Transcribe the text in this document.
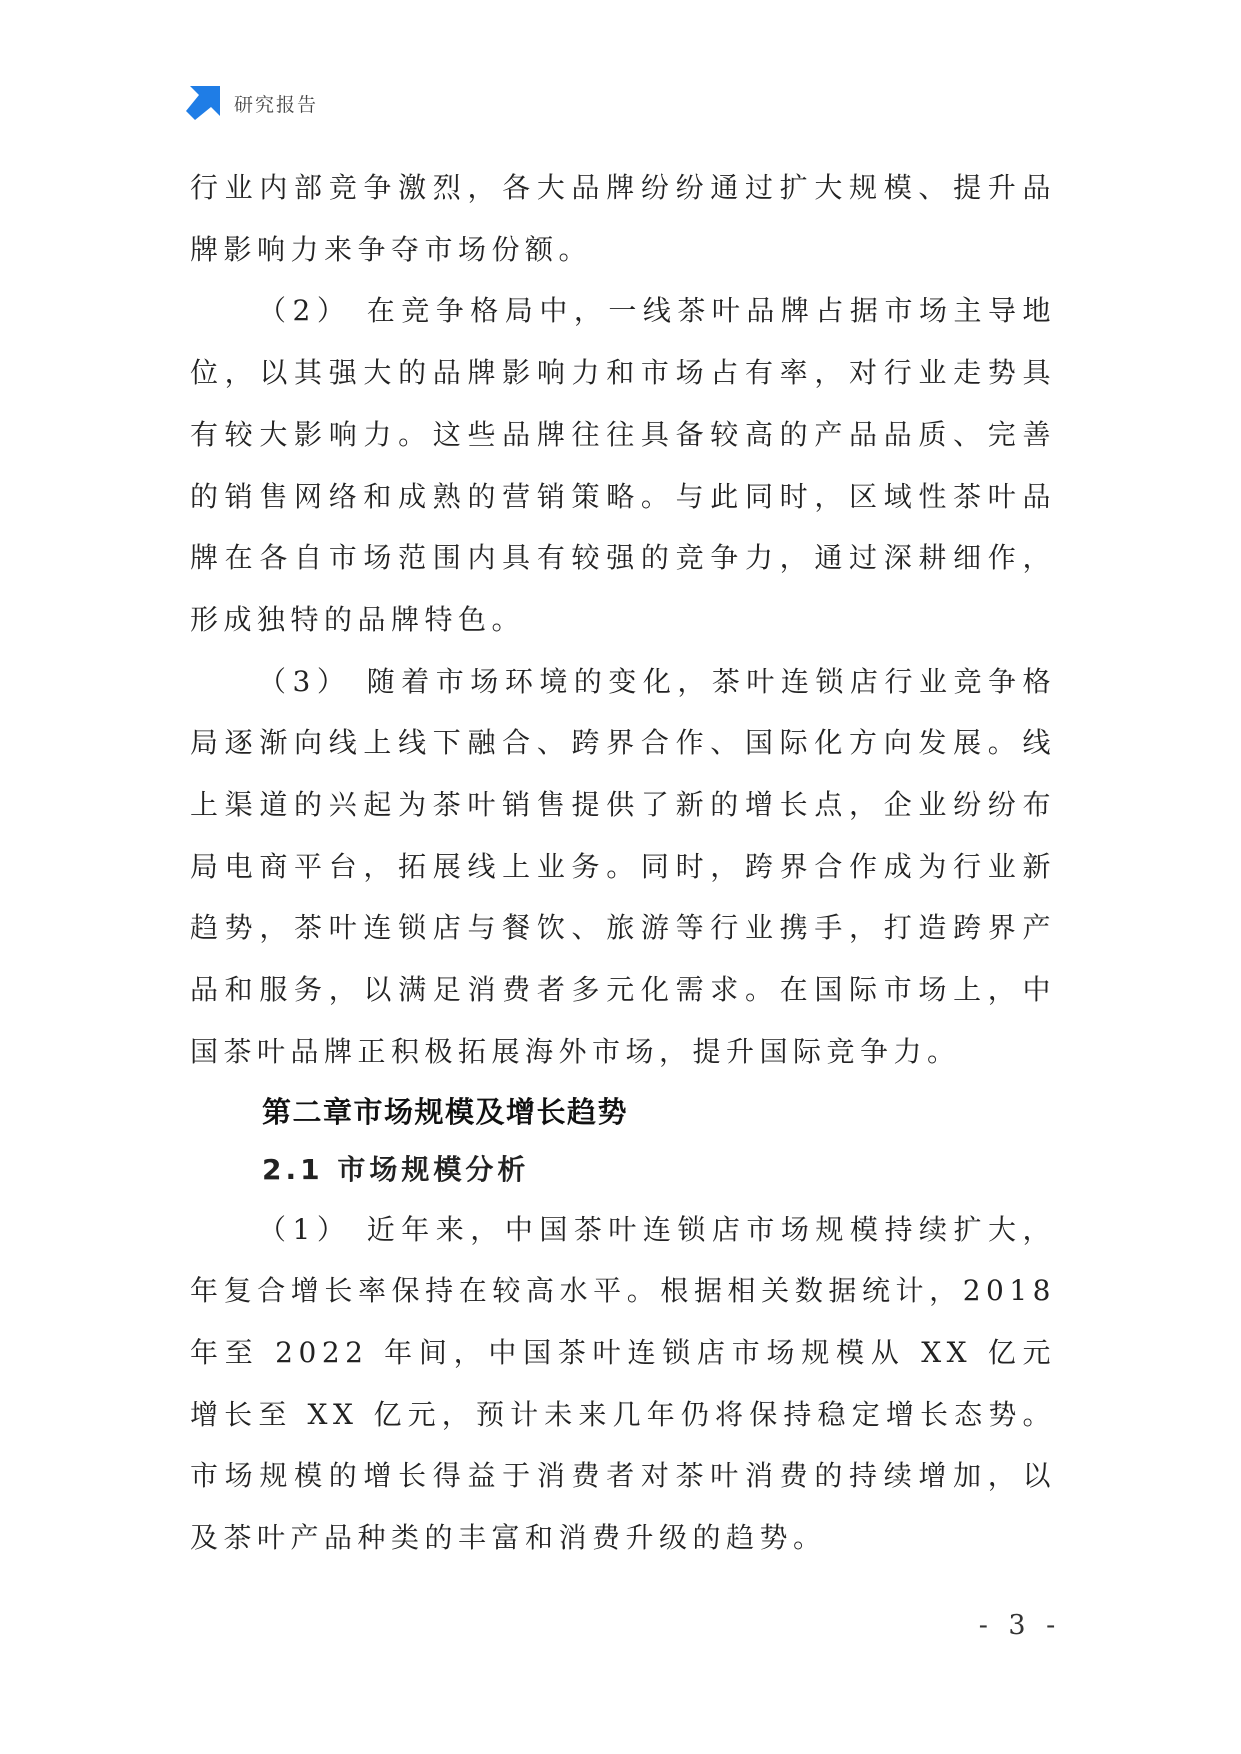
研究报告

行业内部竞争激烈，各大品牌纷纷通过扩大规模、提升品牌影响力来争夺市场份额。

（2） 在竞争格局中，一线茶叶品牌占据市场主导地位，以其强大的品牌影响力和市场占有率，对行业走势具有较大影响力。这些品牌往往具备较高的产品品质、完善的销售网络和成熟的营销策略。与此同时，区域性茶叶品牌在各自市场范围内具有较强的竞争力，通过深耕细作，形成独特的品牌特色。

（3） 随着市场环境的变化，茶叶连锁店行业竞争格局逐渐向线上线下融合、跨界合作、国际化方向发展。线上渠道的兴起为茶叶销售提供了新的增长点，企业纷纷布局电商平台，拓展线上业务。同时，跨界合作成为行业新趋势，茶叶连锁店与餐饮、旅游等行业携手，打造跨界产品和服务，以满足消费者多元化需求。在国际市场上，中国茶叶品牌正积极拓展海外市场，提升国际竞争力。

第二章市场规模及增长趋势
2.1 市场规模分析

（1） 近年来，中国茶叶连锁店市场规模持续扩大，年复合增长率保持在较高水平。根据相关数据统计，2018 年至 2022 年间，中国茶叶连锁店市场规模从 XX 亿元增长至 XX 亿元，预计未来几年仍将保持稳定增长态势。市场规模的增长得益于消费者对茶叶消费的持续增加，以及茶叶产品种类的丰富和消费升级的趋势。

- 3 -
